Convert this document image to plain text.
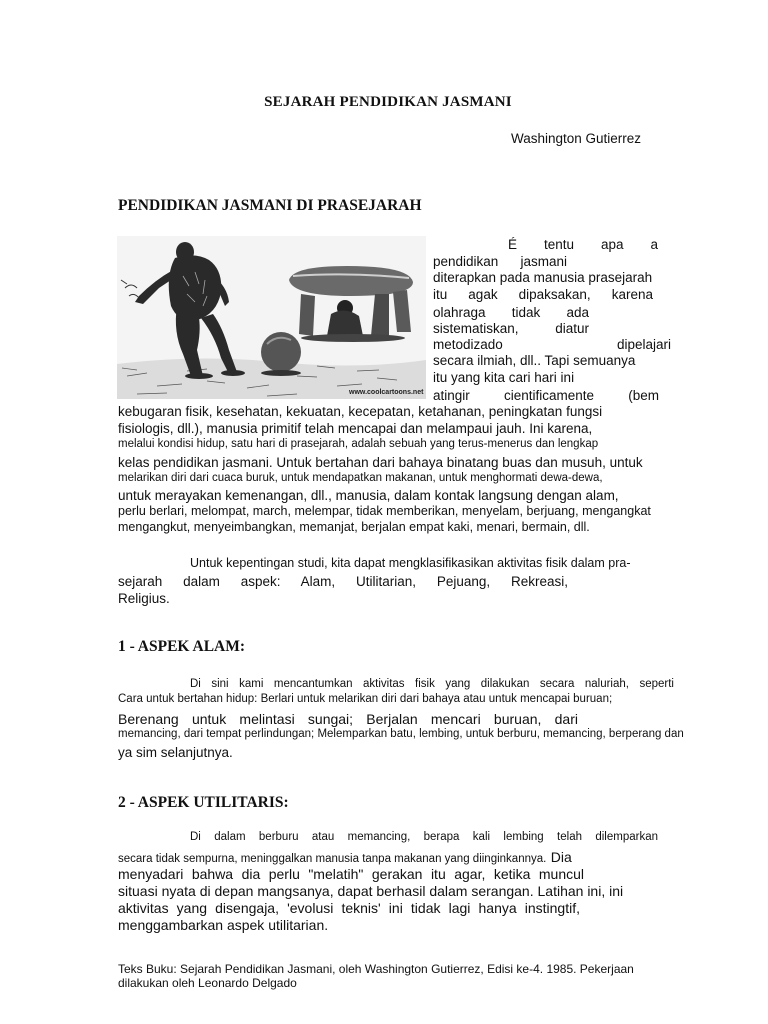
SEJARAH PENDIDIKAN JASMANI
Washington Gutierrez
PENDIDIKAN JASMANI DI PRASEJARAH
www.coolcartoons.net
É tentu apa a
pendidikan jasmani
diterapkan pada manusia prasejarah
itu agak dipaksakan, karena
olahraga tidak ada
sistematiskan, diatur
metodizado dipelajari
secara ilmiah, dll.. Tapi semuanya
itu yang kita cari hari ini
atingir cientificamente (bem
kebugaran fisik, kesehatan, kekuatan, kecepatan, ketahanan, peningkatan fungsi
fisiologis, dll.), manusia primitif telah mencapai dan melampaui jauh. Ini karena,
melalui kondisi hidup, satu hari di prasejarah, adalah sebuah yang terus-menerus dan lengkap
kelas pendidikan jasmani. Untuk bertahan dari bahaya binatang buas dan musuh, untuk
melarikan diri dari cuaca buruk, untuk mendapatkan makanan, untuk menghormati dewa-dewa,
untuk merayakan kemenangan, dll., manusia, dalam kontak langsung dengan alam,
perlu berlari, melompat, march, melempar, tidak memberikan, menyelam, berjuang, mengangkat
mengangkut, menyeimbangkan, memanjat, berjalan empat kaki, menari, bermain, dll.
Untuk kepentingan studi, kita dapat mengklasifikasikan aktivitas fisik dalam pra-
sejarah dalam aspek: Alam, Utilitarian, Pejuang, Rekreasi,
Religius.
1 - ASPEK ALAM:
Di sini kami mencantumkan aktivitas fisik yang dilakukan secara naluriah, seperti
Cara untuk bertahan hidup: Berlari untuk melarikan diri dari bahaya atau untuk mencapai buruan;
Berenang untuk melintasi sungai; Berjalan mencari buruan, dari
memancing, dari tempat perlindungan; Melemparkan batu, lembing, untuk berburu, memancing, berperang dan
ya sim selanjutnya.
2 - ASPEK UTILITARIS:
Di dalam berburu atau memancing, berapa kali lembing telah dilemparkan
secara tidak sempurna, meninggalkan manusia tanpa makanan yang diinginkannya. Dia
menyadari bahwa dia perlu "melatih" gerakan itu agar, ketika muncul
situasi nyata di depan mangsanya, dapat berhasil dalam serangan. Latihan ini, ini
aktivitas yang disengaja, 'evolusi teknis' ini tidak lagi hanya instingtif,
menggambarkan aspek utilitarian.
Teks Buku: Sejarah Pendidikan Jasmani, oleh Washington Gutierrez, Edisi ke-4. 1985. Pekerjaan
dilakukan oleh Leonardo Delgado
